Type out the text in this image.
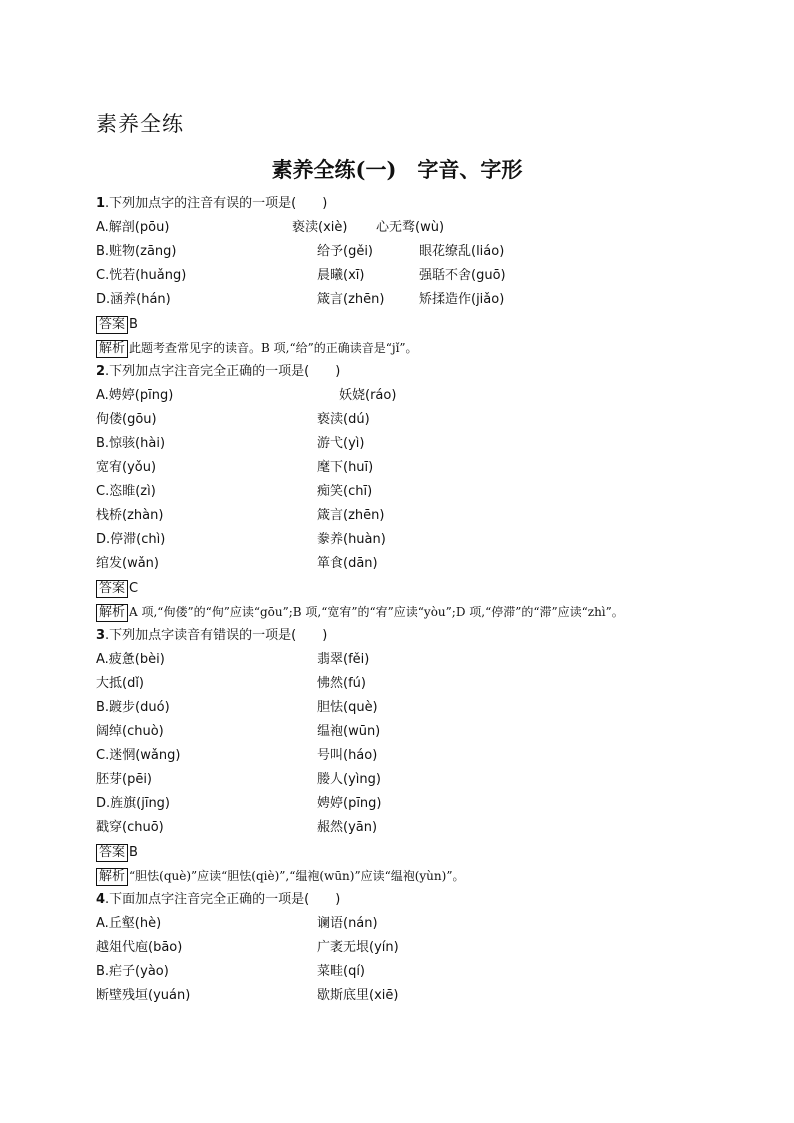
素养全练
素养全练(一)　字音、字形
1.下列加点字的注音有误的一项是(　　)
A.解剖(pōu)	亵渎(xiè) 心无骛(wù)
B.赃物(zāng)	给予(gěi)	眼花缭乱(liáo)
C.恍若(huǎng)	晨曦(xī)	强聒不舍(guō)
D.涵养(hán)	箴言(zhēn)	矫揉造作(jiǎo)
答案 B
解析 此题考查常见字的读音。B 项,“给”的正确读音是“jǐ”。
2.下列加点字注音完全正确的一项是(　　)
A.娉婷(pīng)	妖娆(ráo)
佝偻(gōu)	亵渎(dú)
B.惊骇(hài)	游弋(yì)
宽宥(yǒu)	麾下(huī)
C.恣睢(zì)	痴笑(chī)
栈桥(zhàn)	箴言(zhēn)
D.停滞(chì)	豢养(huàn)
绾发(wǎn)	箪食(dān)
答案 C
解析 A 项,“佝偻”的“佝”应读“gōu”;B 项,“宽宥”的“宥”应读“yòu”;D 项,“停滞”的“滞”应读“zhì”。
3.下列加点字读音有错误的一项是(　　)
A.疲惫(bèi)	翡翠(fěi)
大抵(dǐ)	怫然(fú)
B.踱步(duó)	胆怯(què)
阔绰(chuò)	缊袍(wūn)
C.迷惘(wǎng)	号叫(háo)
胚芽(pēi)	媵人(yìng)
D.旌旗(jīng)	娉婷(pīng)
戳穿(chuō)	赧然(yān)
答案 B
解析 “胆怯(què)”应读“胆怯(qiè)”,“缊袍(wūn)”应读“缊袍(yùn)”。
4.下面加点字注音完全正确的一项是(　　)
A.丘壑(hè)	谰语(nán)
越俎代庖(bāo)	广袤无垠(yín)
B.疟子(yào)	菜畦(qí)
断壁残垣(yuán)	歇斯底里(xiē)
